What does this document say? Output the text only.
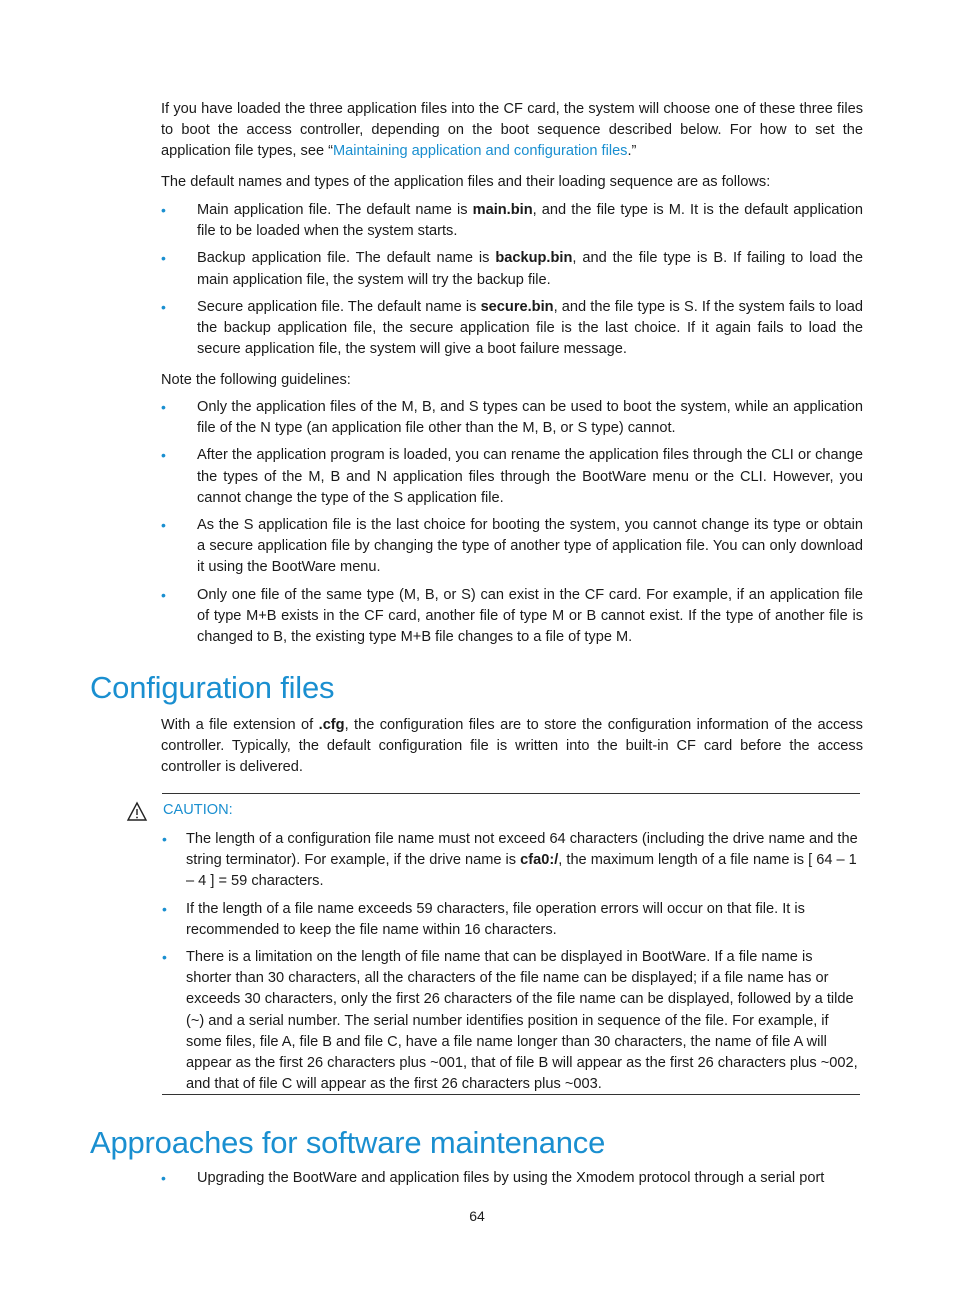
If you have loaded the three application files into the CF card, the system will choose one of these three files to boot the access controller, depending on the boot sequence described below. For how to set the application file types, see “Maintaining application and configuration files.”

The default names and types of the application files and their loading sequence are as follows:

•	Main application file. The default name is main.bin, and the file type is M. It is the default application file to be loaded when the system starts.
•	Backup application file. The default name is backup.bin, and the file type is B. If failing to load the main application file, the system will try the backup file.
•	Secure application file. The default name is secure.bin, and the file type is S. If the system fails to load the backup application file, the secure application file is the last choice. If it again fails to load the secure application file, the system will give a boot failure message.

Note the following guidelines:

•	Only the application files of the M, B, and S types can be used to boot the system, while an application file of the N type (an application file other than the M, B, or S type) cannot.
•	After the application program is loaded, you can rename the application files through the CLI or change the types of the M, B and N application files through the BootWare menu or the CLI. However, you cannot change the type of the S application file.
•	As the S application file is the last choice for booting the system, you cannot change its type or obtain a secure application file by changing the type of another type of application file. You can only download it using the BootWare menu.
•	Only one file of the same type (M, B, or S) can exist in the CF card. For example, if an application file of type M+B exists in the CF card, another file of type M or B cannot exist. If the type of another file is changed to B, the existing type M+B file changes to a file of type M.
Configuration files

With a file extension of .cfg, the configuration files are to store the configuration information of the access controller. Typically, the default configuration file is written into the built-in CF card before the access controller is delivered.

CAUTION:
•	The length of a configuration file name must not exceed 64 characters (including the drive name and the string terminator). For example, if the drive name is cfa0:/, the maximum length of a file name is [ 64 – 1 – 4 ] = 59 characters.
•	If the length of a file name exceeds 59 characters, file operation errors will occur on that file. It is recommended to keep the file name within 16 characters.
•	There is a limitation on the length of file name that can be displayed in BootWare. If a file name is shorter than 30 characters, all the characters of the file name can be displayed; if a file name has or exceeds 30 characters, only the first 26 characters of the file name can be displayed, followed by a tilde (~) and a serial number. The serial number identifies position in sequence of the file. For example, if some files, file A, file B and file C, have a file name longer than 30 characters, the name of file A will appear as the first 26 characters plus ~001, that of file B will appear as the first 26 characters plus ~002, and that of file C will appear as the first 26 characters plus ~003.
Approaches for software maintenance
•	Upgrading the BootWare and application files by using the Xmodem protocol through a serial port
64
